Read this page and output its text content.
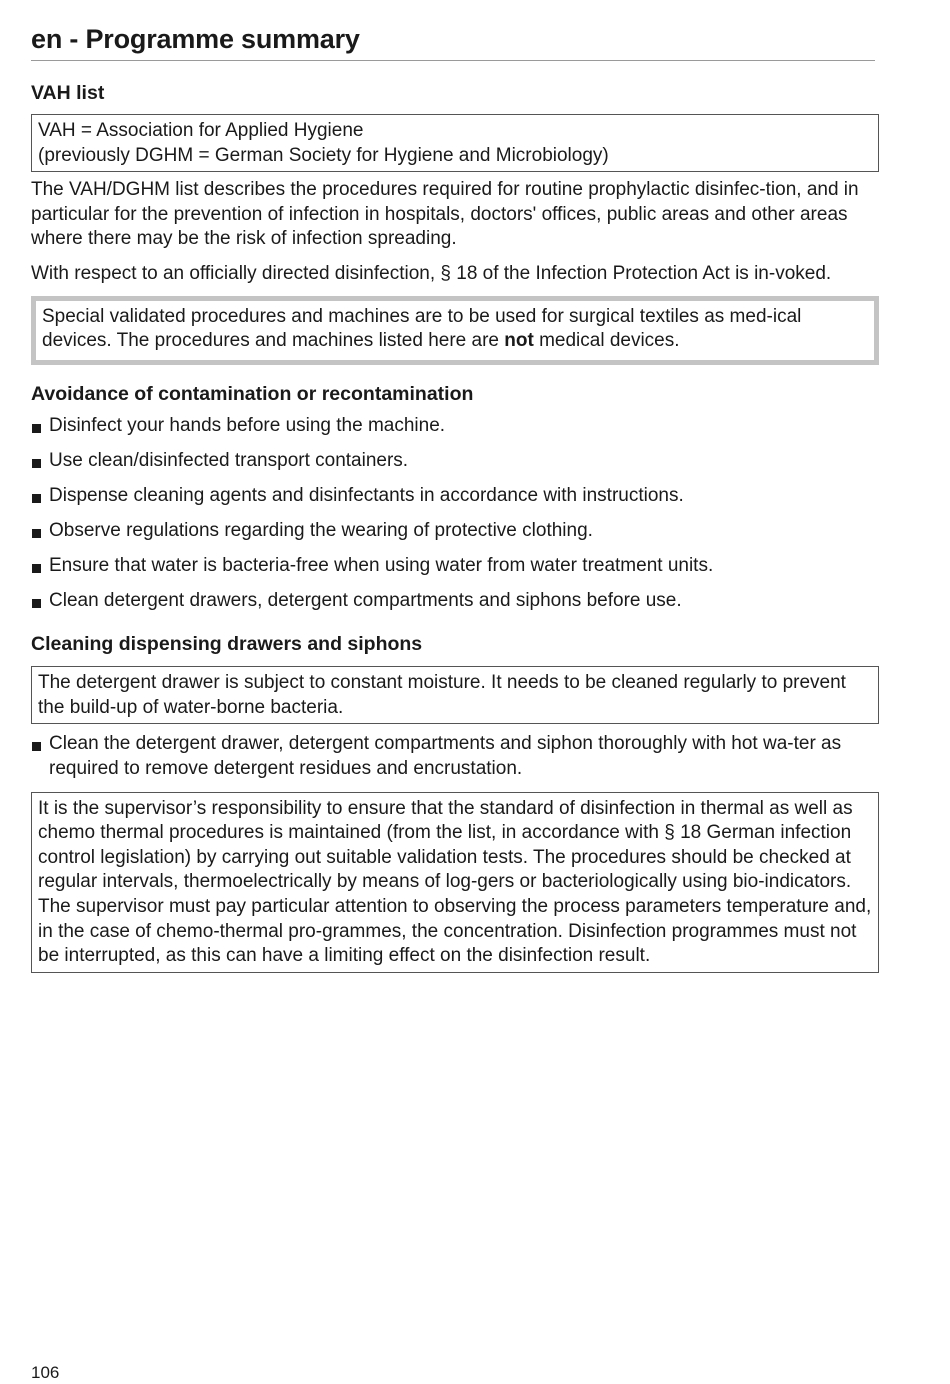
en - Programme summary
VAH list
VAH = Association for Applied Hygiene
(previously DGHM = German Society for Hygiene and Microbiology)

The VAH/DGHM list describes the procedures required for routine prophylactic disinfec-tion, and in particular for the prevention of infection in hospitals, doctors' offices, public areas and other areas where there may be the risk of infection spreading.

With respect to an officially directed disinfection, § 18 of the Infection Protection Act is in-voked.

Special validated procedures and machines are to be used for surgical textiles as med-ical devices. The procedures and machines listed here are not medical devices.
Avoidance of contamination or recontamination
Disinfect your hands before using the machine.
Use clean/disinfected transport containers.
Dispense cleaning agents and disinfectants in accordance with instructions.
Observe regulations regarding the wearing of protective clothing.
Ensure that water is bacteria-free when using water from water treatment units.
Clean detergent drawers, detergent compartments and siphons before use.
Cleaning dispensing drawers and siphons
The detergent drawer is subject to constant moisture. It needs to be cleaned regularly to prevent the build-up of water-borne bacteria.
Clean the detergent drawer, detergent compartments and siphon thoroughly with hot wa-ter as required to remove detergent residues and encrustation.
It is the supervisor’s responsibility to ensure that the standard of disinfection in thermal as well as chemo thermal procedures is maintained (from the list, in accordance with § 18 German infection control legislation) by carrying out suitable validation tests. The procedures should be checked at regular intervals, thermoelectrically by means of log-gers or bacteriologically using bio-indicators. The supervisor must pay particular attention to observing the process parameters temperature and, in the case of chemo-thermal pro-grammes, the concentration. Disinfection programmes must not be interrupted, as this can have a limiting effect on the disinfection result.

106
